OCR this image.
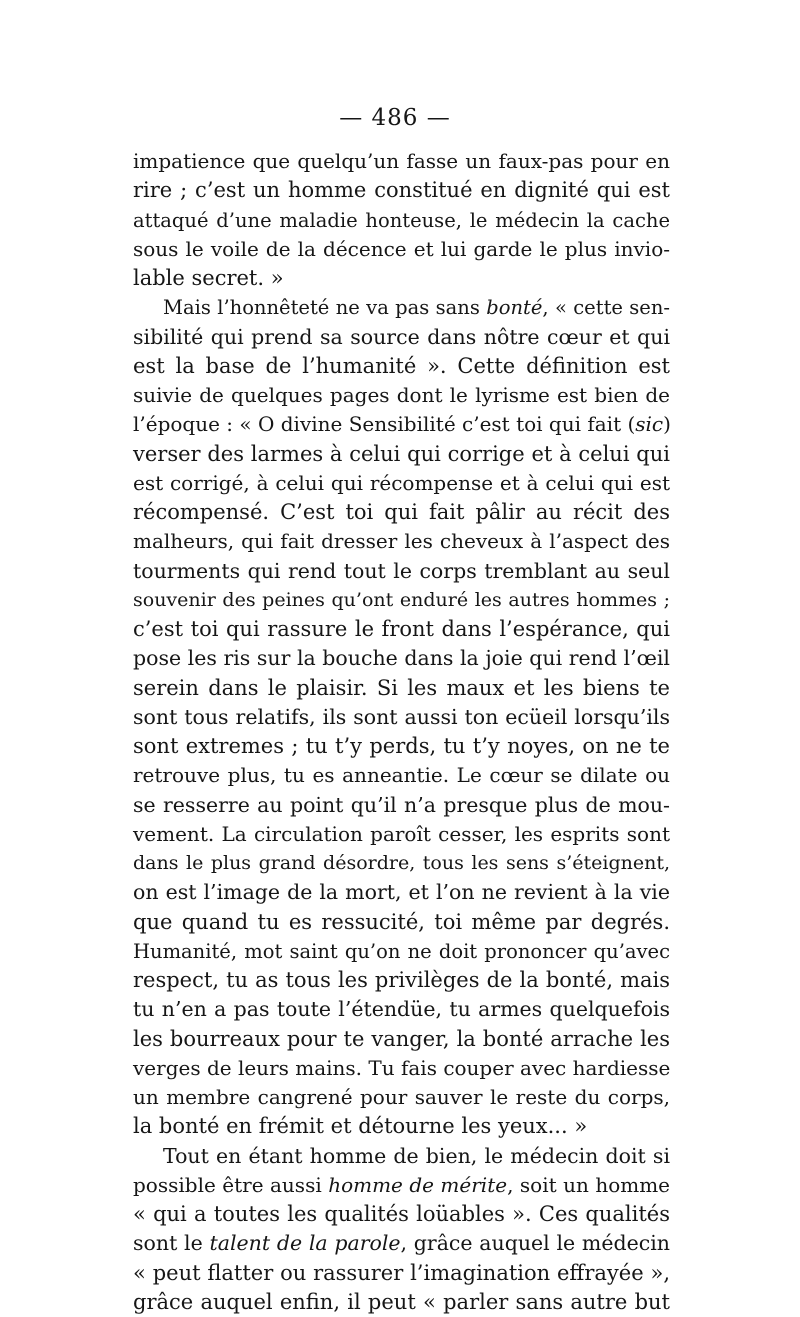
— 486 —
impatience que quelqu’un fasse un faux-pas pour en
rire ; c’est un homme constitué en dignité qui est
attaqué d’une maladie honteuse, le médecin la cache
sous le voile de la décence et lui garde le plus invio-
lable secret. »
Mais l’honnêteté ne va pas sans bonté, « cette sen-
sibilité qui prend sa source dans nôtre cœur et qui
est la base de l’humanité ». Cette définition est
suivie de quelques pages dont le lyrisme est bien de
l’époque : « O divine Sensibilité c’est toi qui fait (sic)
verser des larmes à celui qui corrige et à celui qui
est corrigé, à celui qui récompense et à celui qui est
récompensé. C’est toi qui fait pâlir au récit des
malheurs, qui fait dresser les cheveux à l’aspect des
tourments qui rend tout le corps tremblant au seul
souvenir des peines qu’ont enduré les autres hommes ;
c’est toi qui rassure le front dans l’espérance, qui
pose les ris sur la bouche dans la joie qui rend l’œil
serein dans le plaisir. Si les maux et les biens te
sont tous relatifs, ils sont aussi ton ecüeil lorsqu’ils
sont extremes ; tu t’y perds, tu t’y noyes, on ne te
retrouve plus, tu es anneantie. Le cœur se dilate ou
se resserre au point qu’il n’a presque plus de mou-
vement. La circulation paroît cesser, les esprits sont
dans le plus grand désordre, tous les sens s’éteignent,
on est l’image de la mort, et l’on ne revient à la vie
que quand tu es ressucité, toi même par degrés.
Humanité, mot saint qu’on ne doit prononcer qu’avec
respect, tu as tous les privilèges de la bonté, mais
tu n’en a pas toute l’étendüe, tu armes quelquefois
les bourreaux pour te vanger, la bonté arrache les
verges de leurs mains. Tu fais couper avec hardiesse
un membre cangrené pour sauver le reste du corps,
la bonté en frémit et détourne les yeux... »
Tout en étant homme de bien, le médecin doit si
possible être aussi homme de mérite, soit un homme
« qui a toutes les qualités loüables ». Ces qualités
sont le talent de la parole, grâce auquel le médecin
« peut flatter ou rassurer l’imagination effrayée »,
grâce auquel enfin, il peut « parler sans autre but
